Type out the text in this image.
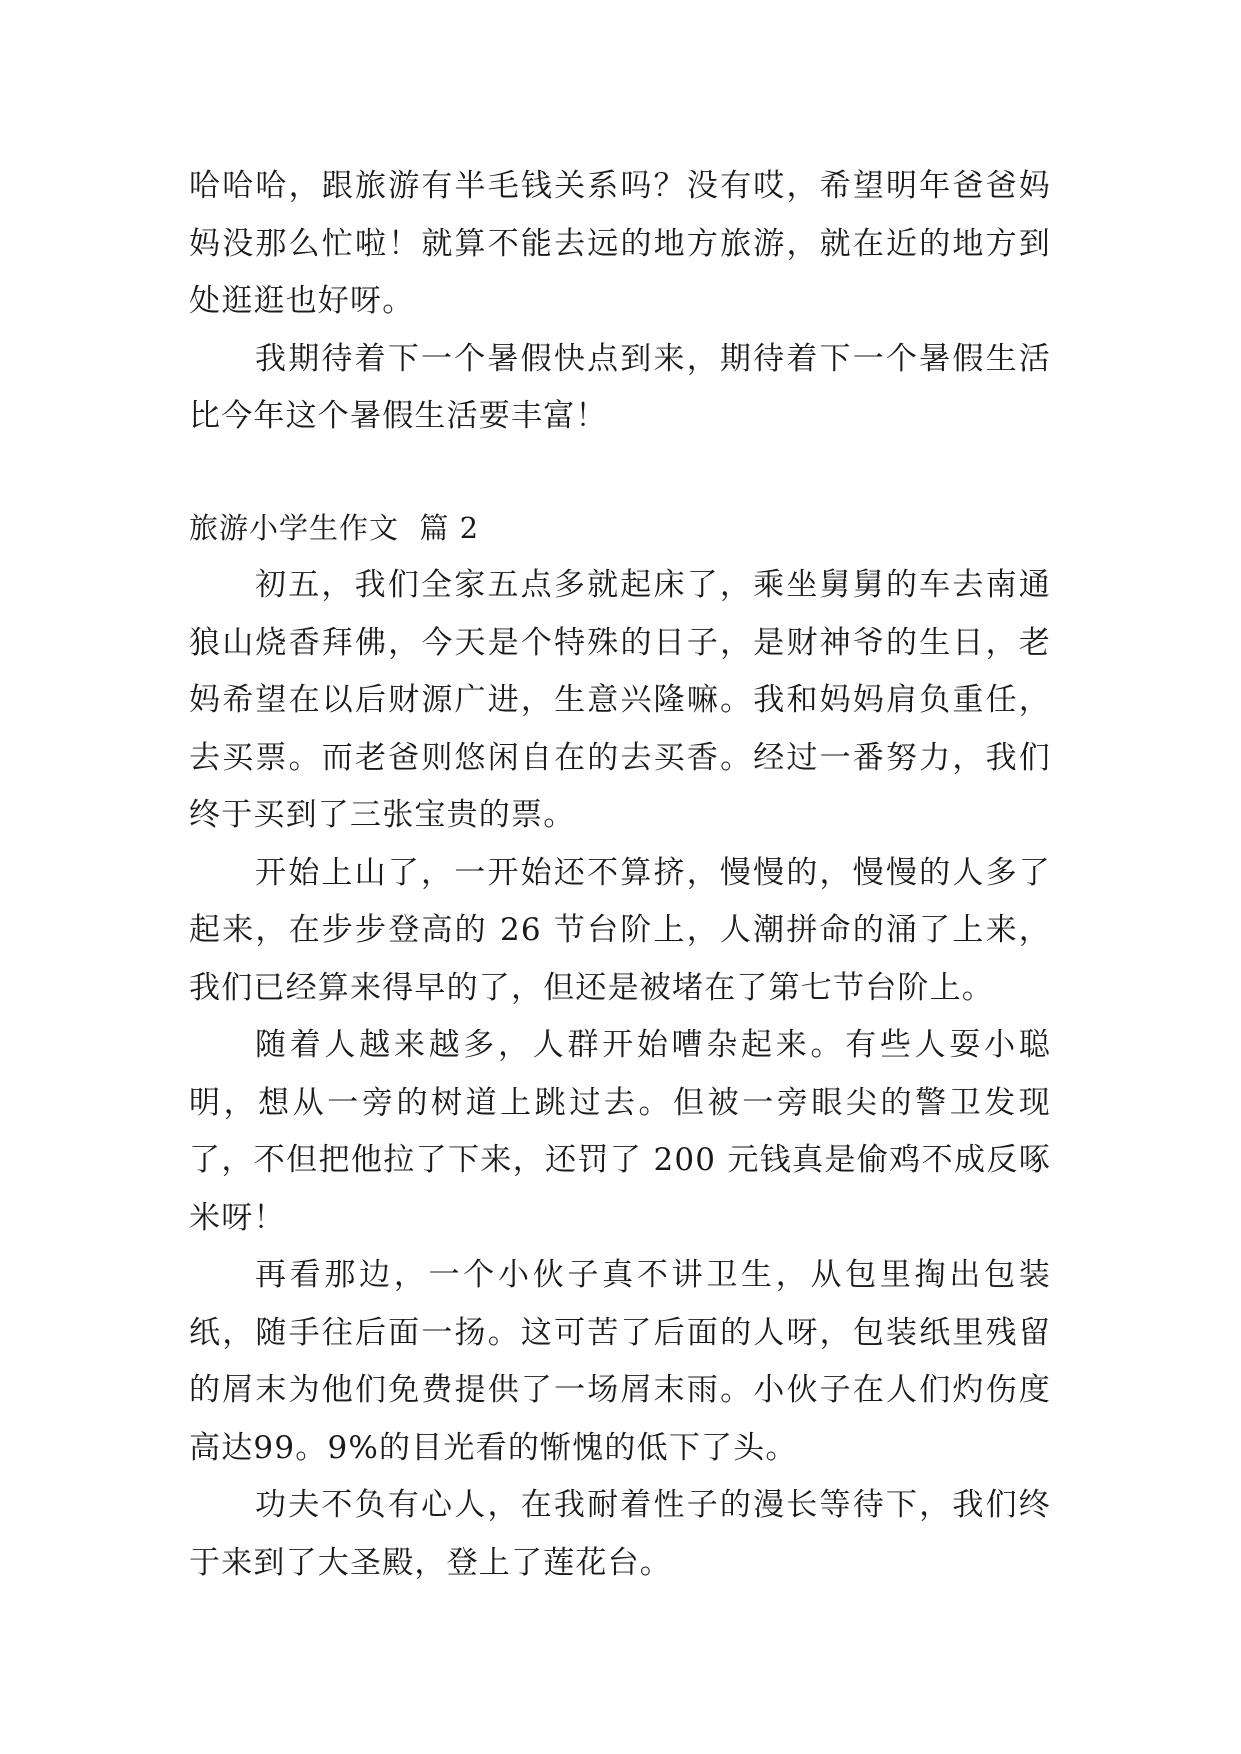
哈哈哈，跟旅游有半毛钱关系吗？没有哎，希望明年爸爸妈妈没那么忙啦！就算不能去远的地方旅游，就在近的地方到处逛逛也好呀。

我期待着下一个暑假快点到来，期待着下一个暑假生活比今年这个暑假生活要丰富！

旅游小学生作文  篇 2

初五，我们全家五点多就起床了，乘坐舅舅的车去南通狼山烧香拜佛，今天是个特殊的日子，是财神爷的生日，老妈希望在以后财源广进，生意兴隆嘛。我和妈妈肩负重任，去买票。而老爸则悠闲自在的去买香。经过一番努力，我们终于买到了三张宝贵的票。

开始上山了，一开始还不算挤，慢慢的，慢慢的人多了起来，在步步登高的 26 节台阶上，人潮拼命的涌了上来，我们已经算来得早的了，但还是被堵在了第七节台阶上。

随着人越来越多，人群开始嘈杂起来。有些人耍小聪明，想从一旁的树道上跳过去。但被一旁眼尖的警卫发现了，不但把他拉了下来，还罚了 200 元钱真是偷鸡不成反啄米呀！

再看那边，一个小伙子真不讲卫生，从包里掏出包装纸，随手往后面一扬。这可苦了后面的人呀，包装纸里残留的屑末为他们免费提供了一场屑末雨。小伙子在人们灼伤度高达99。9%的目光看的惭愧的低下了头。

功夫不负有心人，在我耐着性子的漫长等待下，我们终于来到了大圣殿，登上了莲花台。
